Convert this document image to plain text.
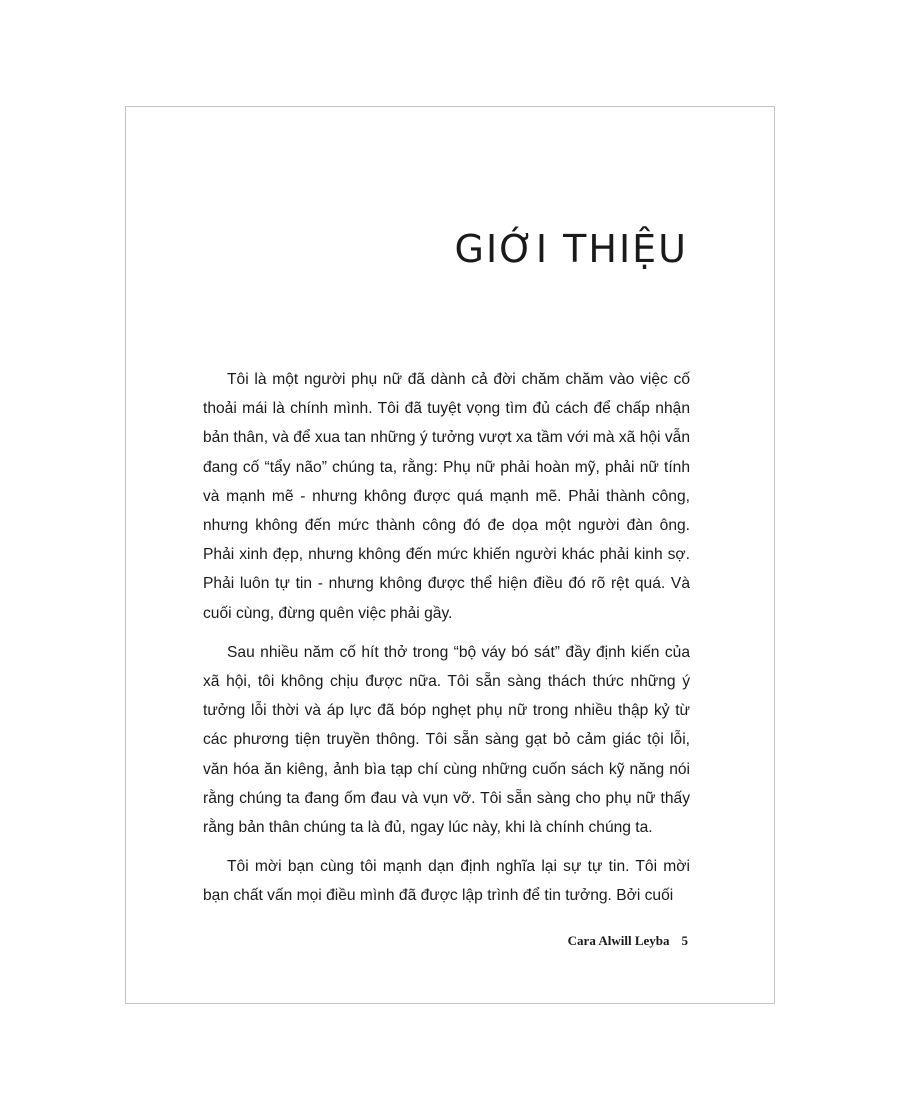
GIỚI THIỆU

Tôi là một người phụ nữ đã dành cả đời chăm chăm vào việc cố thoải mái là chính mình. Tôi đã tuyệt vọng tìm đủ cách để chấp nhận bản thân, và để xua tan những ý tưởng vượt xa tầm với mà xã hội vẫn đang cố “tẩy não” chúng ta, rằng: Phụ nữ phải hoàn mỹ, phải nữ tính và mạnh mẽ - nhưng không được quá mạnh mẽ. Phải thành công, nhưng không đến mức thành công đó đe dọa một người đàn ông. Phải xinh đẹp, nhưng không đến mức khiến người khác phải kinh sợ. Phải luôn tự tin - nhưng không được thể hiện điều đó rõ rệt quá. Và cuối cùng, đừng quên việc phải gầy.

Sau nhiều năm cố hít thở trong “bộ váy bó sát” đầy định kiến của xã hội, tôi không chịu được nữa. Tôi sẵn sàng thách thức những ý tưởng lỗi thời và áp lực đã bóp nghẹt phụ nữ trong nhiều thập kỷ từ các phương tiện truyền thông. Tôi sẵn sàng gạt bỏ cảm giác tội lỗi, văn hóa ăn kiêng, ảnh bìa tạp chí cùng những cuốn sách kỹ năng nói rằng chúng ta đang ốm đau và vụn vỡ. Tôi sẵn sàng cho phụ nữ thấy rằng bản thân chúng ta là đủ, ngay lúc này, khi là chính chúng ta.

Tôi mời bạn cùng tôi mạnh dạn định nghĩa lại sự tự tin. Tôi mời bạn chất vấn mọi điều mình đã được lập trình để tin tưởng. Bởi cuối

Cara Alwill Leyba 5
